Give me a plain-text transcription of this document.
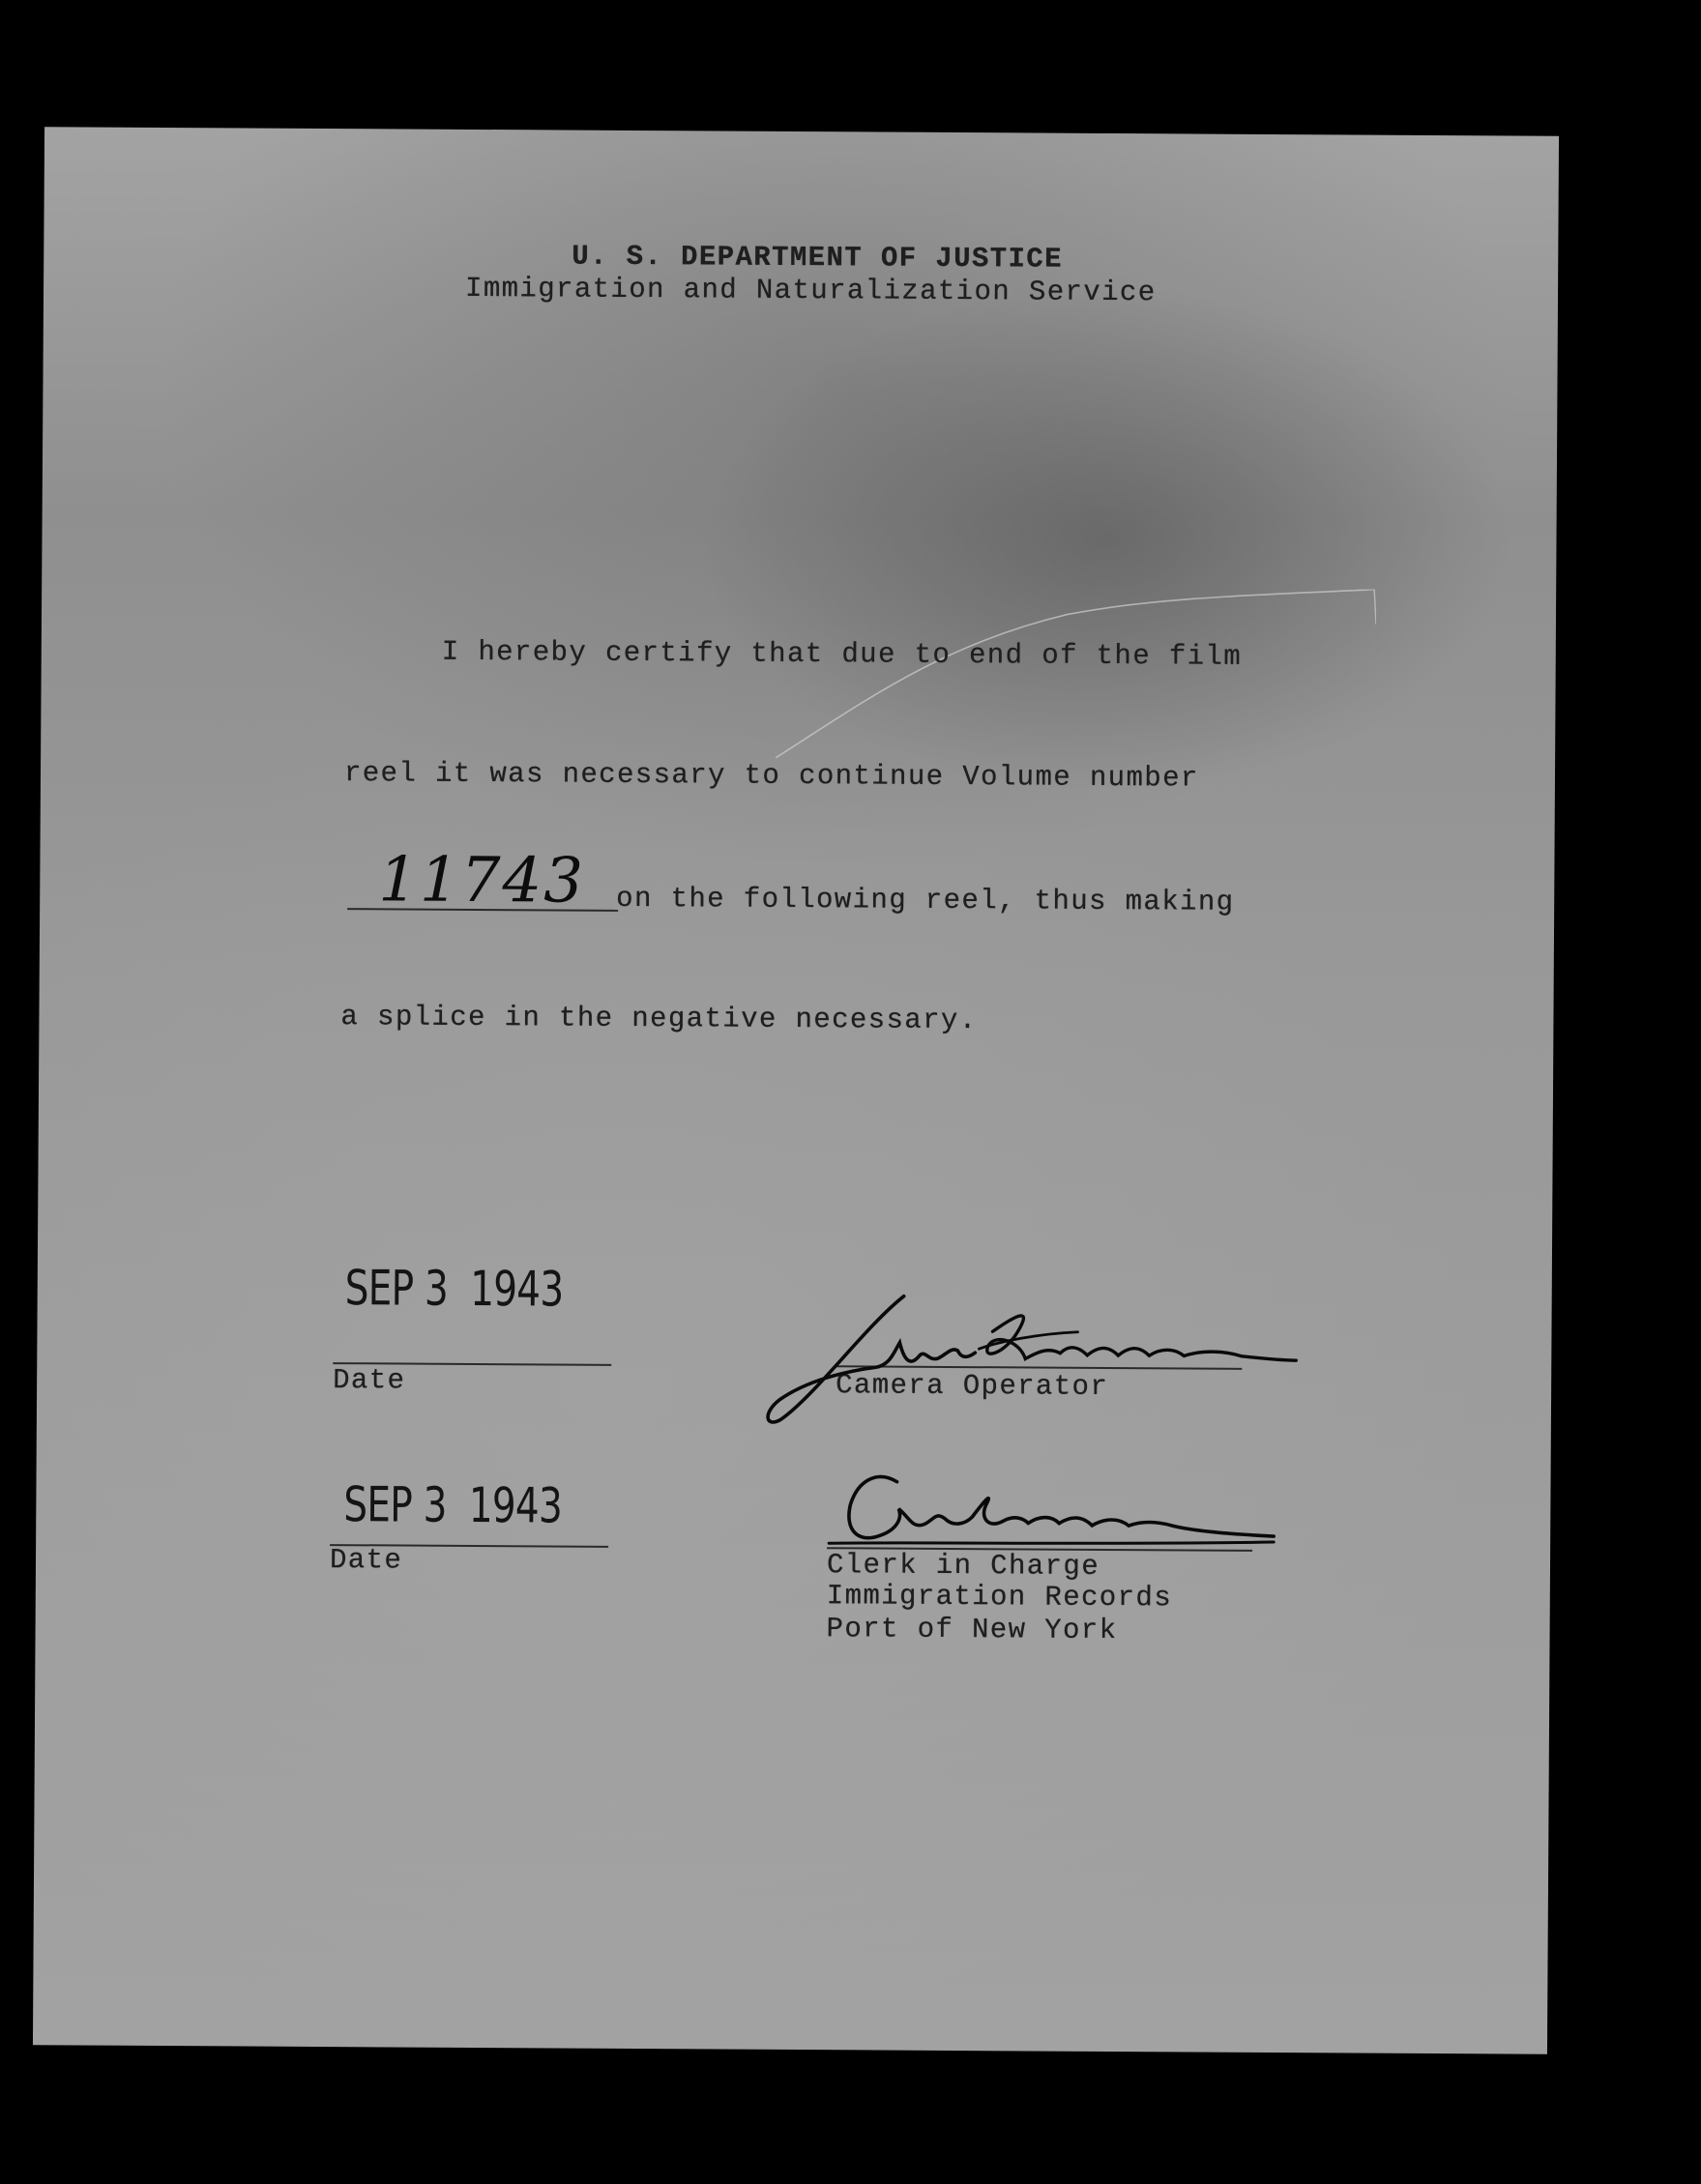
U. S. DEPARTMENT OF JUSTICE
Immigration and Naturalization Service
I hereby certify that due to end of the film
reel it was necessary to continue Volume number
11743 on the following reel, thus making
a splice in the negative necessary.
SEP 3  1943
Date	Camera Operator
SEP 3  1943
Date	Clerk in Charge
Immigration Records
Port of New York
